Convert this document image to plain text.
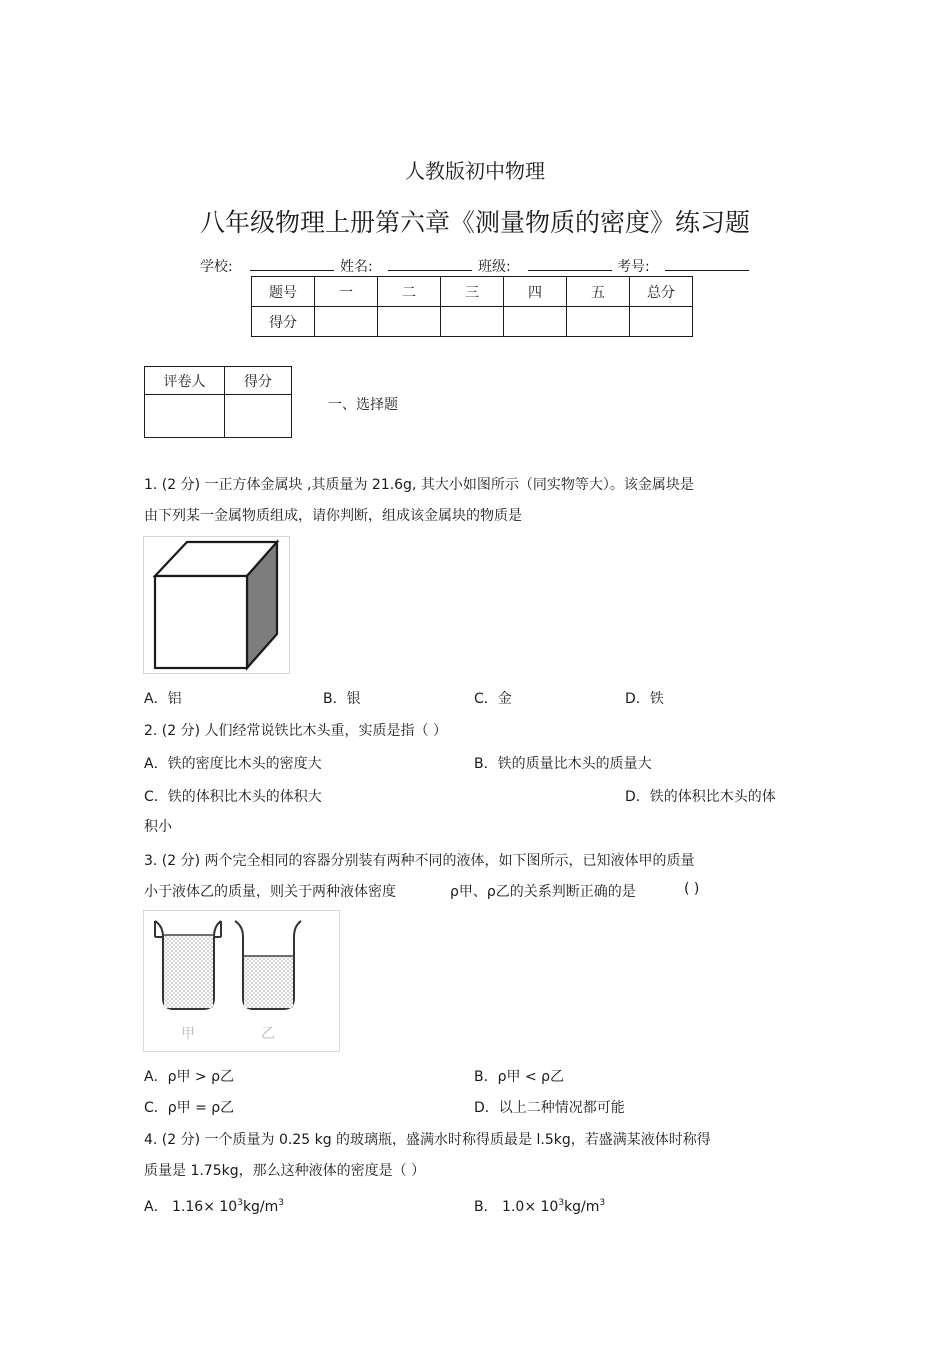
人教版初中物理
八年级物理上册第六章《测量物质的密度》练习题
学校:	姓名:	班级:	考号:
题号	一	二	三	四	五	总分
得分						
评卷人	得分

一、选择题
1. (2 分) 一正方体金属块 ,其质量为 21.6g, 其大小如图所示（同实物等大）。该金属块是
由下列某一金属物质组成，请你判断，组成该金属块的物质是
A．铝	B．银	C．金	D．铁
2. (2 分) 人们经常说铁比木头重，实质是指（ ）
A．铁的密度比木头的密度大	B．铁的质量比木头的质量大
C．铁的体积比木头的体积大	D．铁的体积比木头的体
积小
3. (2 分) 两个完全相同的容器分别装有两种不同的液体，如下图所示，已知液体甲的质量
小于液体乙的质量，则关于两种液体密度	ρ甲、ρ乙的关系判断正确的是	( )
甲	乙
A．ρ甲 > ρ乙	B．ρ甲 < ρ乙
C．ρ甲 = ρ乙	D．以上二种情况都可能
4. (2 分) 一个质量为 0.25 kg 的玻璃瓶，盛满水时称得质最是 l.5kg，若盛满某液体时称得
质量是 1.75kg，那么这种液体的密度是（ ）
A． $1.16\times 10^3kg/m^3$	B． $1.0\times 10^3kg/m^3$
